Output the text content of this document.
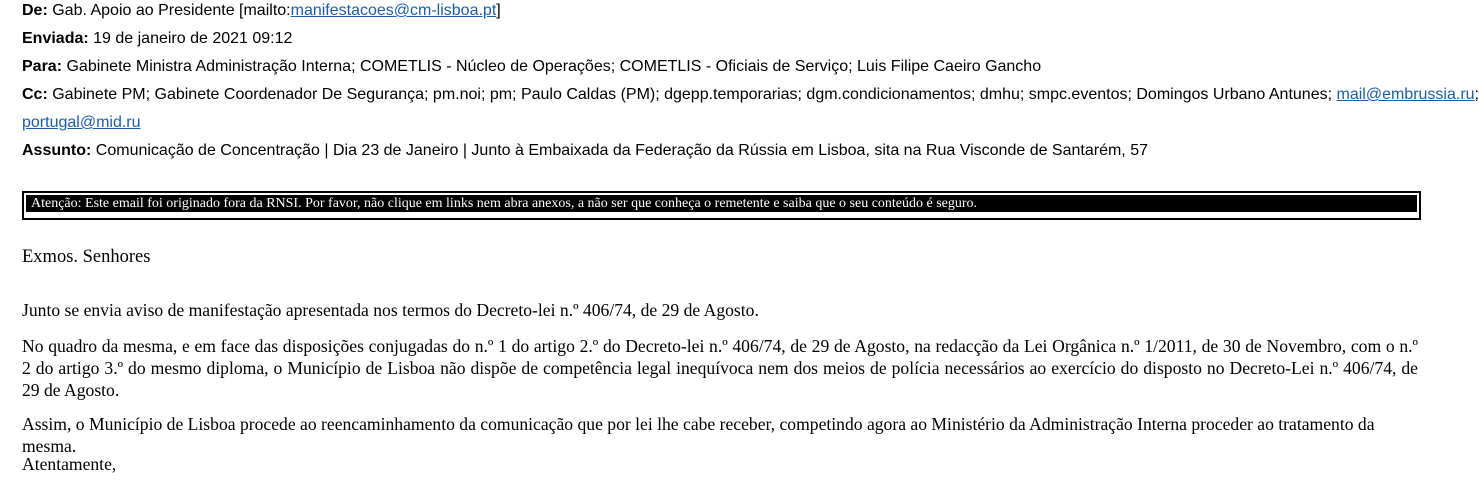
De: Gab. Apoio ao Presidente [mailto:manifestacoes@cm-lisboa.pt]
Enviada: 19 de janeiro de 2021 09:12
Para: Gabinete Ministra Administração Interna; COMETLIS - Núcleo de Operações; COMETLIS - Oficiais de Serviço; Luis Filipe Caeiro Gancho
Cc: Gabinete PM; Gabinete Coordenador De Segurança; pm.noi; pm; Paulo Caldas (PM); dgepp.temporarias; dgm.condicionamentos; dmhu; smpc.eventos; Domingos Urbano Antunes; mail@embrussia.ru;
portugal@mid.ru
Assunto: Comunicação de Concentração | Dia 23 de Janeiro | Junto à Embaixada da Federação da Rússia em Lisboa, sita na Rua Visconde de Santarém, 57
Atenção: Este email foi originado fora da RNSI. Por favor, não clique em links nem abra anexos, a não ser que conheça o remetente e saiba que o seu conteúdo é seguro.
Exmos. Senhores
Junto se envia aviso de manifestação apresentada nos termos do Decreto-lei n.º 406/74, de 29 de Agosto.
No quadro da mesma, e em face das disposições conjugadas do n.º 1 do artigo 2.º do Decreto-lei n.º 406/74, de 29 de Agosto, na redacção da Lei Orgânica n.º 1/2011, de 30 de Novembro, com o n.º 2 do artigo 3.º do mesmo diploma, o Município de Lisboa não dispõe de competência legal inequívoca nem dos meios de polícia necessários ao exercício do disposto no Decreto-Lei n.º 406/74, de 29 de Agosto.
Assim, o Município de Lisboa procede ao reencaminhamento da comunicação que por lei lhe cabe receber, competindo agora ao Ministério da Administração Interna proceder ao tratamento da mesma.
Atentamente,
